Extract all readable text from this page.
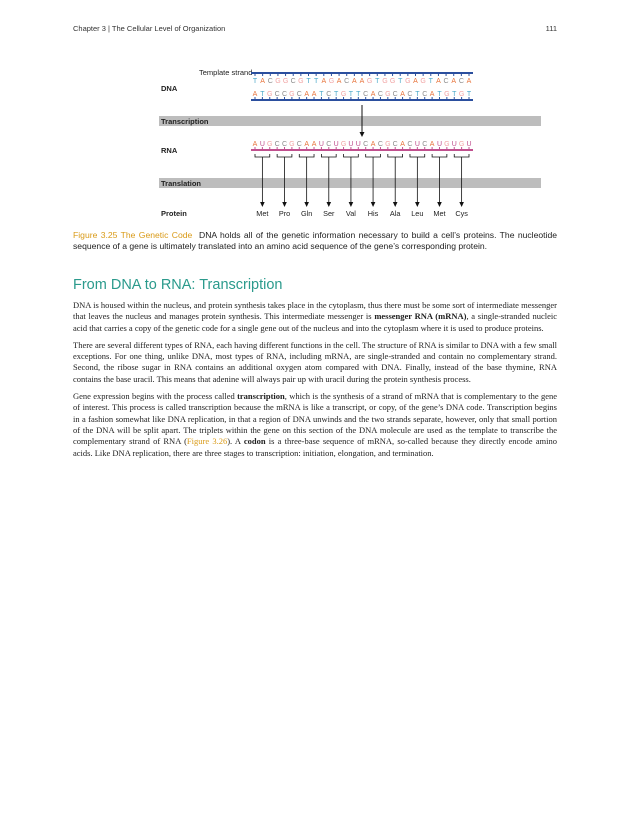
Chapter 3 | The Cellular Level of Organization	111
Template strand
DNA
RNA
Protein
Transcription
Translation
T A C G G C G T T A G A C A A G T G G T G A G T A C A C A
A T G C C G C A A T C T G T T C A C G C A C T C A T G T G T
A U G C C G C A A U C U G U U C A C G C A C U C A U G U G U
Met Pro Gln Ser Val His Ala Leu Met Cys
Figure 3.25 The Genetic Code DNA holds all of the genetic information necessary to build a cell’s proteins. The nucleotide sequence of a gene is ultimately translated into an amino acid sequence of the gene’s corresponding protein.
From DNA to RNA: Transcription

DNA is housed within the nucleus, and protein synthesis takes place in the cytoplasm, thus there must be some sort of intermediate messenger that leaves the nucleus and manages protein synthesis. This intermediate messenger is messenger RNA (mRNA), a single-stranded nucleic acid that carries a copy of the genetic code for a single gene out of the nucleus and into the cytoplasm where it is used to produce proteins.

There are several different types of RNA, each having different functions in the cell. The structure of RNA is similar to DNA with a few small exceptions. For one thing, unlike DNA, most types of RNA, including mRNA, are single-stranded and contain no complementary strand. Second, the ribose sugar in RNA contains an additional oxygen atom compared with DNA. Finally, instead of the base thymine, RNA contains the base uracil. This means that adenine will always pair up with uracil during the protein synthesis process.

Gene expression begins with the process called transcription, which is the synthesis of a strand of mRNA that is complementary to the gene of interest. This process is called transcription because the mRNA is like a transcript, or copy, of the gene’s DNA code. Transcription begins in a fashion somewhat like DNA replication, in that a region of DNA unwinds and the two strands separate, however, only that small portion of the DNA will be split apart. The triplets within the gene on this section of the DNA molecule are used as the template to transcribe the complementary strand of RNA (Figure 3.26). A codon is a three-base sequence of mRNA, so-called because they directly encode amino acids. Like DNA replication, there are three stages to transcription: initiation, elongation, and termination.
